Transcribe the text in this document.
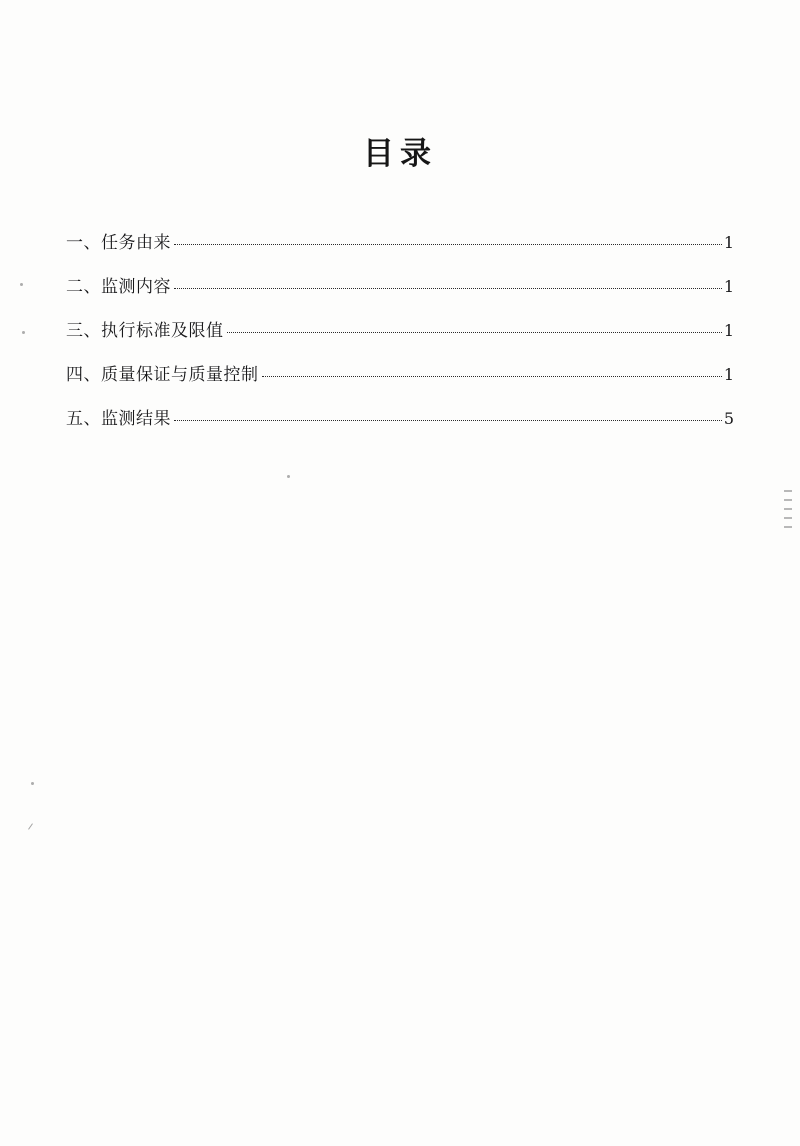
目录
一、任务由来	1
二、监测内容	1
三、执行标准及限值	1
四、质量保证与质量控制	1
五、监测结果	5
